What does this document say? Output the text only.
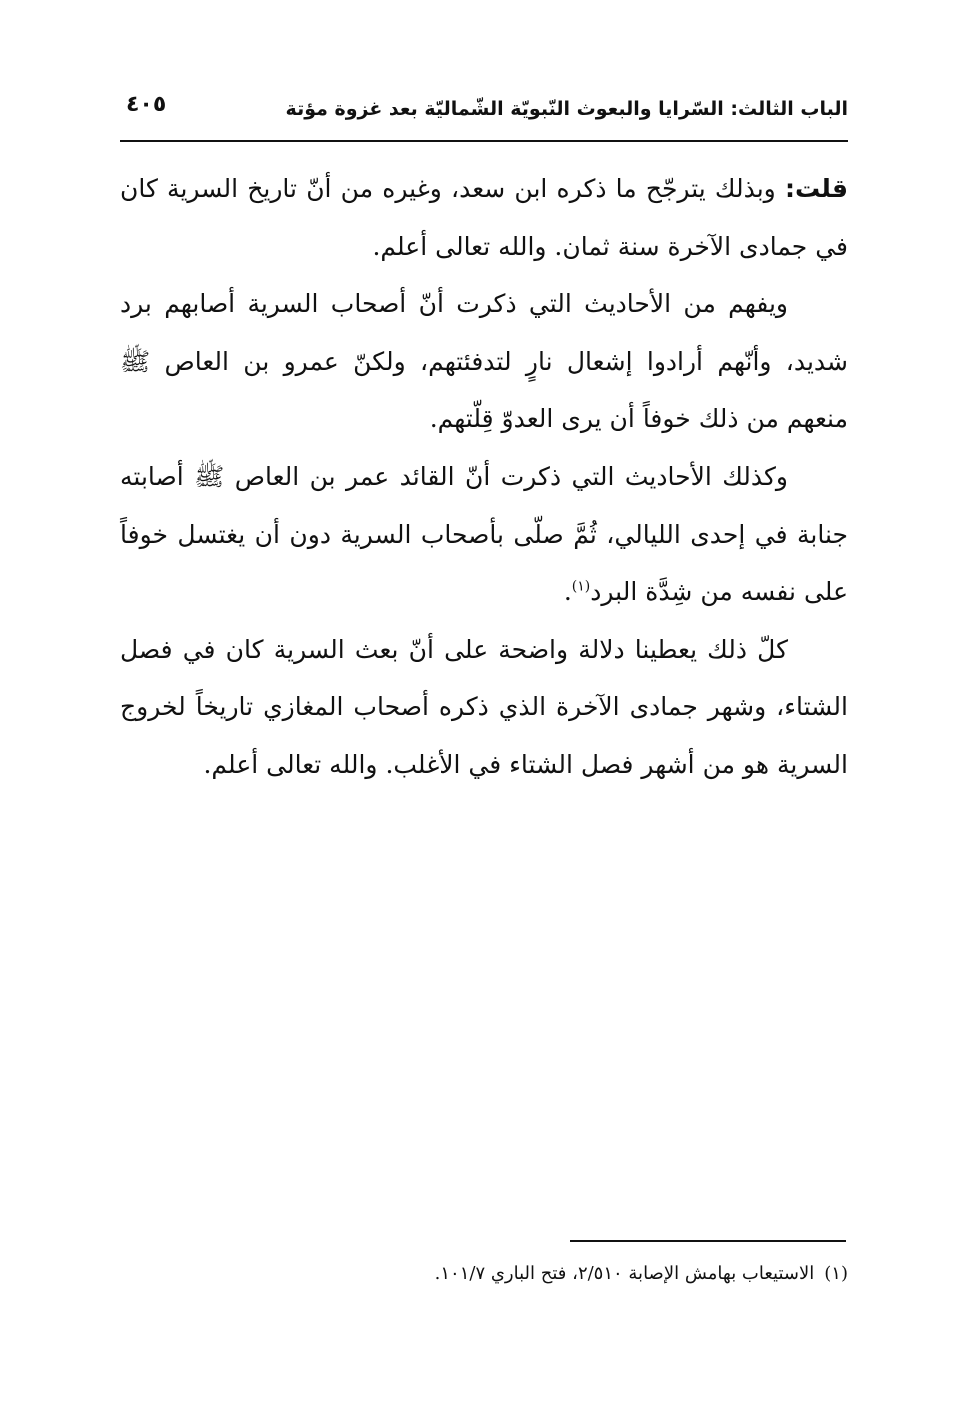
الباب الثالث: السّرايا والبعوث النّبويّة الشّماليّة بعد غزوة مؤتة
٤٠٥

قلت: وبذلك يترجّح ما ذكره ابن سعد، وغيره من أنّ تاريخ السرية كان في جمادى الآخرة سنة ثمان. والله تعالى أعلم.

ويفهم من الأحاديث التي ذكرت أنّ أصحاب السرية أصابهم برد شديد، وأنّهم أرادوا إشعال نارٍ لتدفئتهم، ولكنّ عمرو بن العاص ﷺ منعهم من ذلك خوفاً أن يرى العدوّ قِلّتهم.

وكذلك الأحاديث التي ذكرت أنّ القائد عمر بن العاص ﷺ أصابته جنابة في إحدى الليالي، ثُمَّ صلّى بأصحاب السرية دون أن يغتسل خوفاً على نفسه من شِدَّة البرد$^{(١)}$.

كلّ ذلك يعطينا دلالة واضحة على أنّ بعث السرية كان في فصل الشتاء، وشهر جمادى الآخرة الذي ذكره أصحاب المغازي تاريخاً لخروج السرية هو من أشهر فصل الشتاء في الأغلب. والله تعالى أعلم.

(١)الاستيعاب بهامش الإصابة ٢/٥١٠، فتح الباري ١٠١/٧.
